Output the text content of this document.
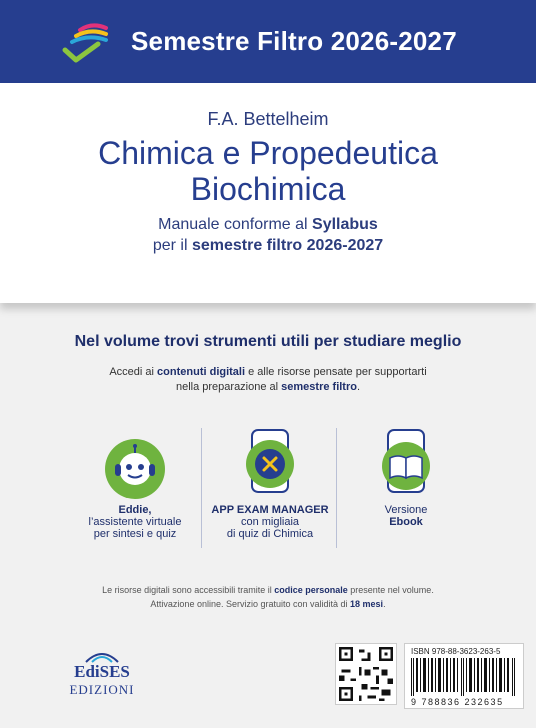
Semestre Filtro 2026-2027
F.A. Bettelheim
Chimica e Propedeutica
Biochimica
Manuale conforme al Syllabus
per il semestre filtro 2026-2027
Nel volume trovi strumenti utili per studiare meglio
Accedi ai contenuti digitali e alle risorse pensate per supportarti
nella preparazione al semestre filtro.
Eddie,
l’assistente virtuale
per sintesi e quiz
APP EXAM MANAGER
con migliaia
di quiz di Chimica
Versione
Ebook
Le risorse digitali sono accessibili tramite il codice personale presente nel volume.
Attivazione online. Servizio gratuito con validità di 18 mesi.
EdiSES
EDIZIONI
ISBN 978-88-3623-263-5
9 788836 232635
